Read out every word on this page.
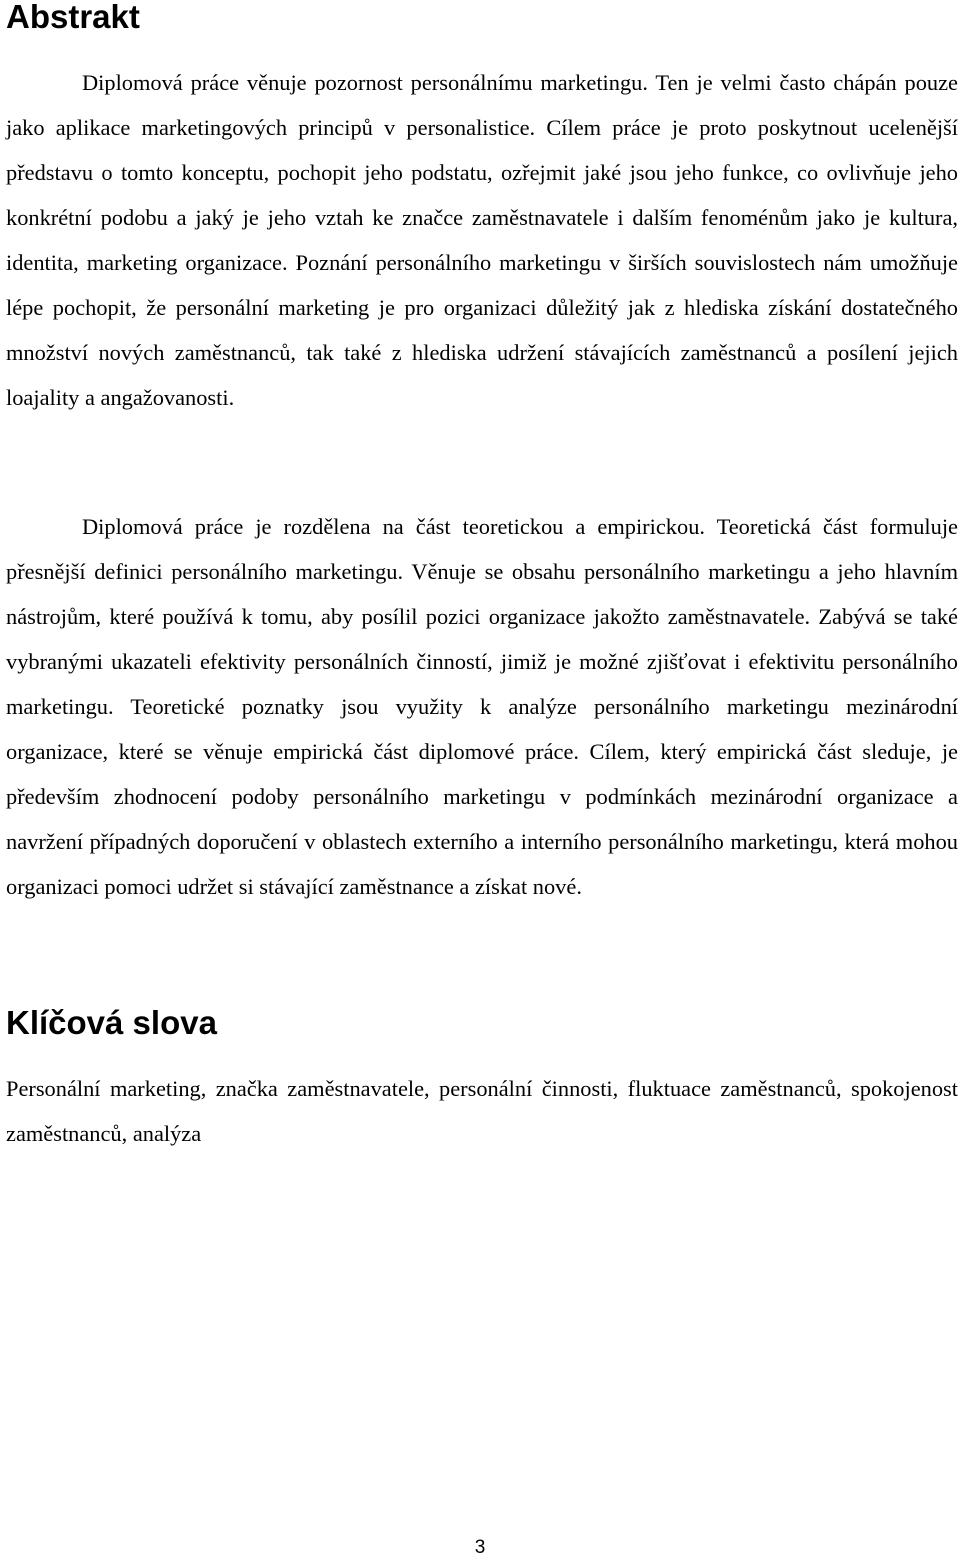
Abstrakt

Diplomová práce věnuje pozornost personálnímu marketingu. Ten je velmi často chápán pouze jako aplikace marketingových principů v personalistice. Cílem práce je proto poskytnout ucelenější představu o tomto konceptu, pochopit jeho podstatu, ozřejmit jaké jsou jeho funkce, co ovlivňuje jeho konkrétní podobu a jaký je jeho vztah ke značce zaměstnavatele i dalším fenoménům jako je kultura, identita, marketing organizace. Poznání personálního marketingu v širších souvislostech nám umožňuje lépe pochopit, že personální marketing je pro organizaci důležitý jak z hlediska získání dostatečného množství nových zaměstnanců, tak také z hlediska udržení stávajících zaměstnanců a posílení jejich loajality a angažovanosti.

Diplomová práce je rozdělena na část teoretickou a empirickou. Teoretická část formuluje přesnější definici personálního marketingu. Věnuje se obsahu personálního marketingu a jeho hlavním nástrojům, které používá k tomu, aby posílil pozici organizace jakožto zaměstnavatele. Zabývá se také vybranými ukazateli efektivity personálních činností, jimiž je možné zjišťovat i efektivitu personálního marketingu. Teoretické poznatky jsou využity k analýze personálního marketingu mezinárodní organizace, které se věnuje empirická část diplomové práce. Cílem, který empirická část sleduje, je především zhodnocení podoby personálního marketingu v podmínkách mezinárodní organizace a navržení případných doporučení v oblastech externího a interního personálního marketingu, která mohou organizaci pomoci udržet si stávající zaměstnance a získat nové.

Klíčová slova

Personální marketing, značka zaměstnavatele, personální činnosti, fluktuace zaměstnanců, spokojenost zaměstnanců, analýza

3
